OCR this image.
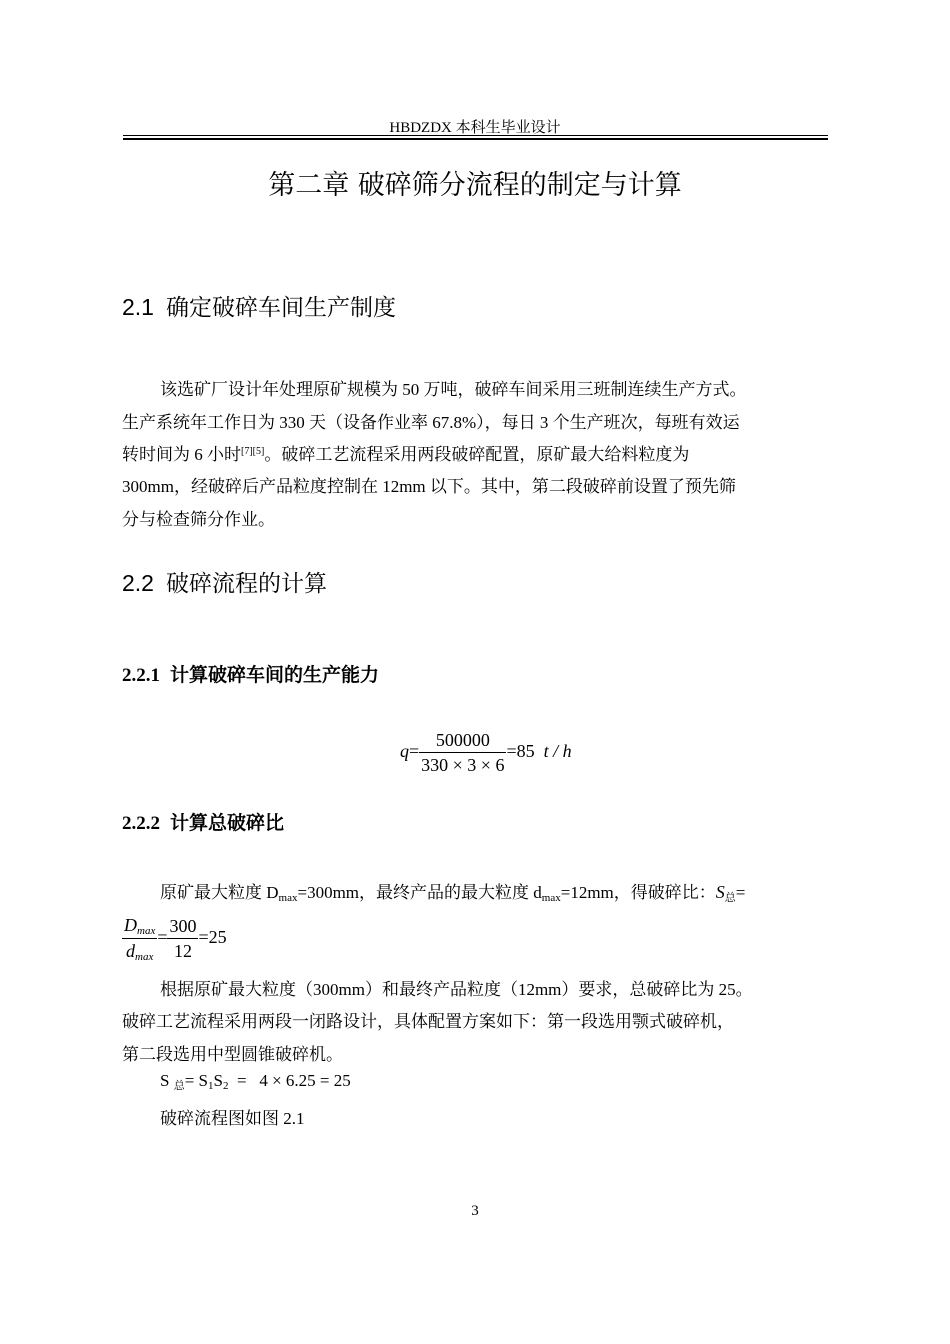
HBDZDX 本科生毕业设计
第二章 破碎筛分流程的制定与计算
2.1 确定破碎车间生产制度
该选矿厂设计年处理原矿规模为 50 万吨，破碎车间采用三班制连续生产方式。
生产系统年工作日为 330 天（设备作业率 67.8%），每日 3 个生产班次，每班有效运
转时间为 6 小时[7][5]。破碎工艺流程采用两段破碎配置，原矿最大给料粒度为
300mm，经破碎后产品粒度控制在 12mm 以下。其中，第二段破碎前设置了预先筛
分与检查筛分作业。
2.2 破碎流程的计算
2.2.1 计算破碎车间的生产能力
$q= \frac{500000}{330 \times 3 \times 6} =85$ t / h
2.2.2 计算总破碎比
原矿最大粒度 $D_{max}=300mm$，最终产品的最大粒度 $d_{max}=12mm$，得破碎比：$S_总=$
$\frac{D_{max}}{d_{max}} = \frac{300}{12} =25$
根据原矿最大粒度（300mm）和最终产品粒度（12mm）要求，总破碎比为 25。
破碎工艺流程采用两段一闭路设计，具体配置方案如下：第一段选用颚式破碎机，
第二段选用中型圆锥破碎机。
S $_总= S_1S_2 = 4 \times 6.25 = 25$
破碎流程图如图 2.1
3
